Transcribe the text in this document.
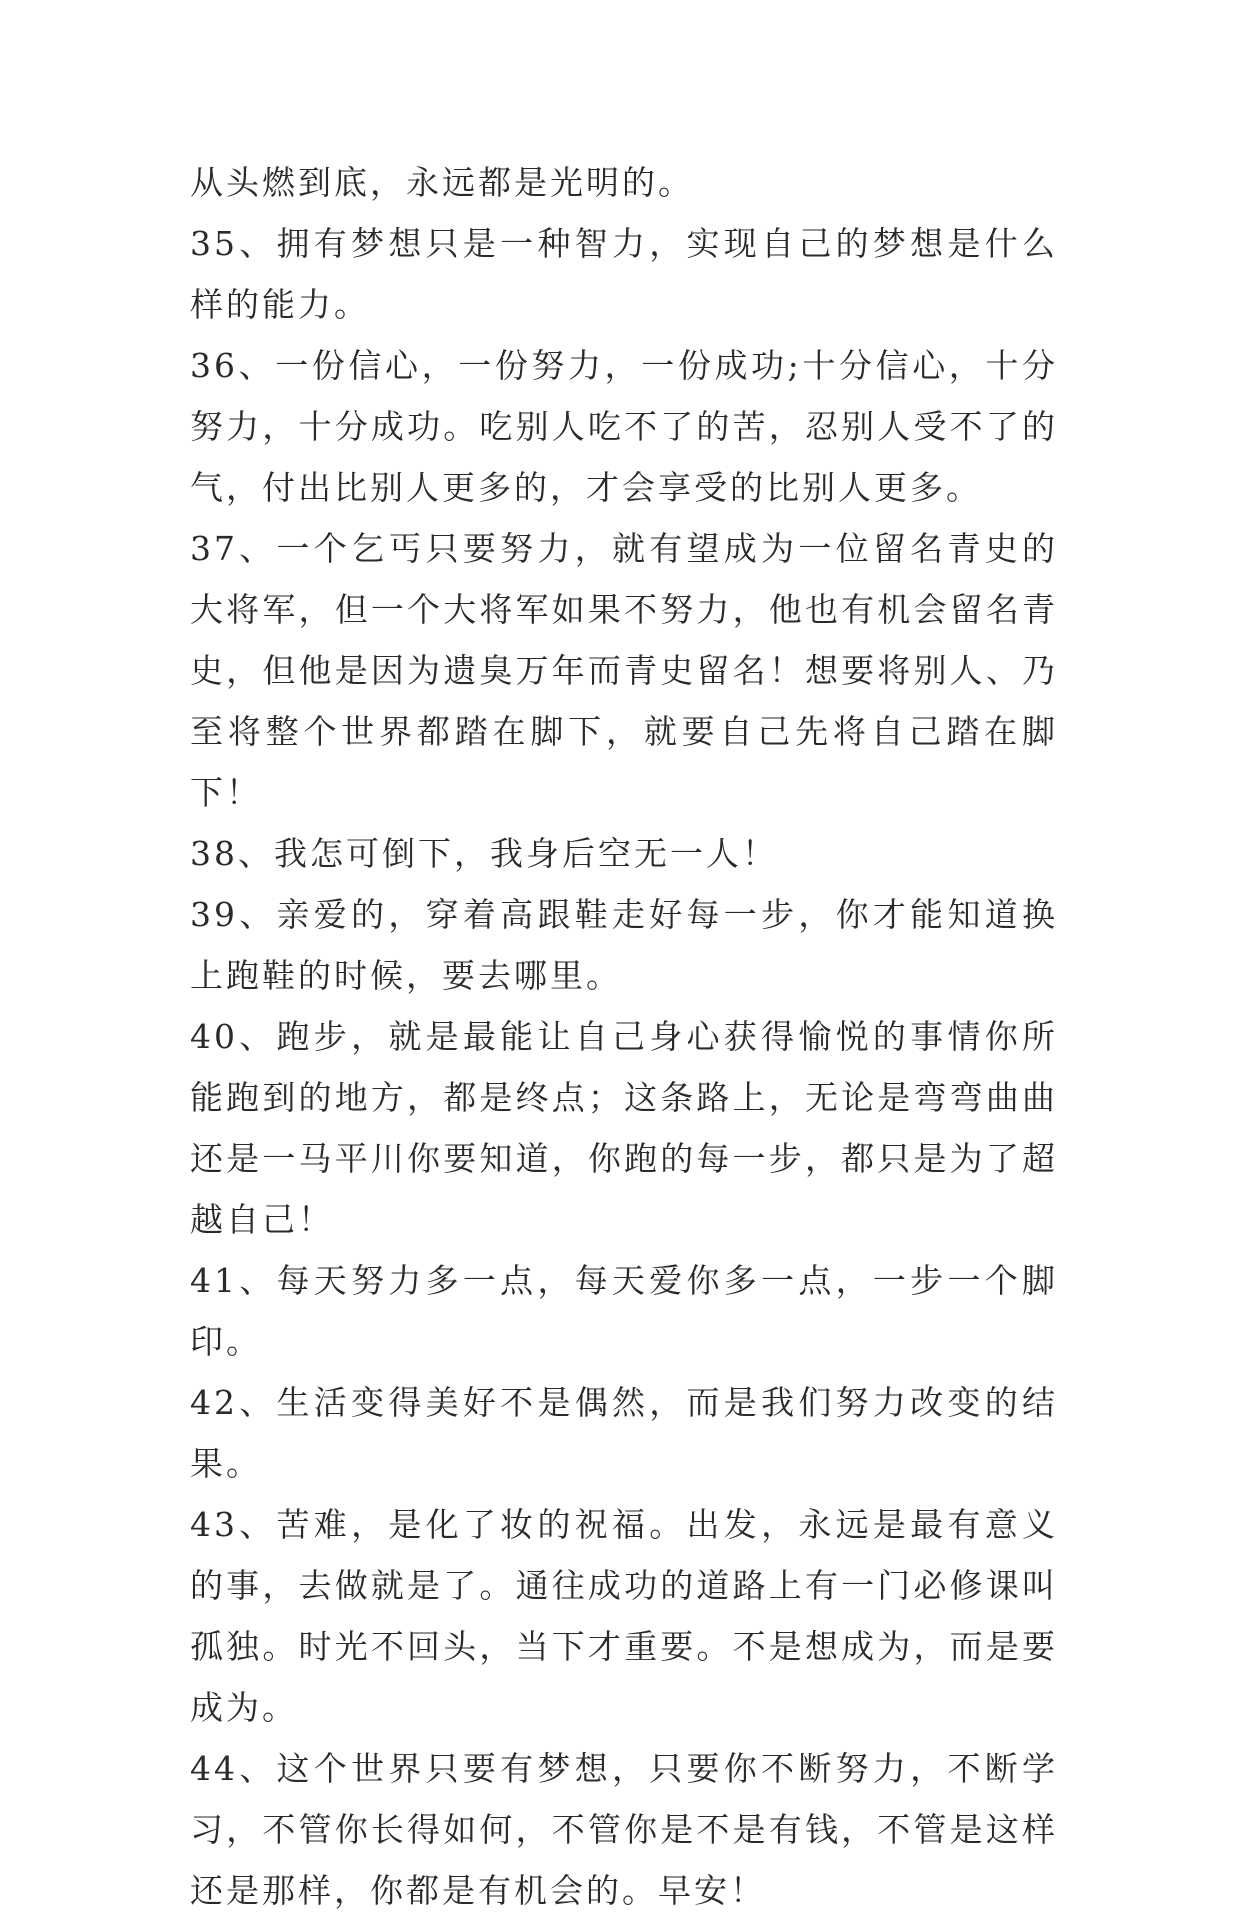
从头燃到底，永远都是光明的。

35、拥有梦想只是一种智力，实现自己的梦想是什么样的能力。

36、一份信心，一份努力，一份成功;十分信心，十分努力，十分成功。吃别人吃不了的苦，忍别人受不了的气，付出比别人更多的，才会享受的比别人更多。

37、一个乞丐只要努力，就有望成为一位留名青史的大将军，但一个大将军如果不努力，他也有机会留名青史，但他是因为遗臭万年而青史留名！想要将别人、乃至将整个世界都踏在脚下，就要自己先将自己踏在脚下！

38、我怎可倒下，我身后空无一人！

39、亲爱的，穿着高跟鞋走好每一步，你才能知道换上跑鞋的时候，要去哪里。

40、跑步，就是最能让自己身心获得愉悦的事情你所能跑到的地方，都是终点；这条路上，无论是弯弯曲曲还是一马平川你要知道，你跑的每一步，都只是为了超越自己！

41、每天努力多一点，每天爱你多一点，一步一个脚印。

42、生活变得美好不是偶然，而是我们努力改变的结果。

43、苦难，是化了妆的祝福。出发，永远是最有意义的事，去做就是了。通往成功的道路上有一门必修课叫孤独。时光不回头，当下才重要。不是想成为，而是要成为。

44、这个世界只要有梦想，只要你不断努力，不断学习，不管你长得如何，不管你是不是有钱，不管是这样还是那样，你都是有机会的。早安！
